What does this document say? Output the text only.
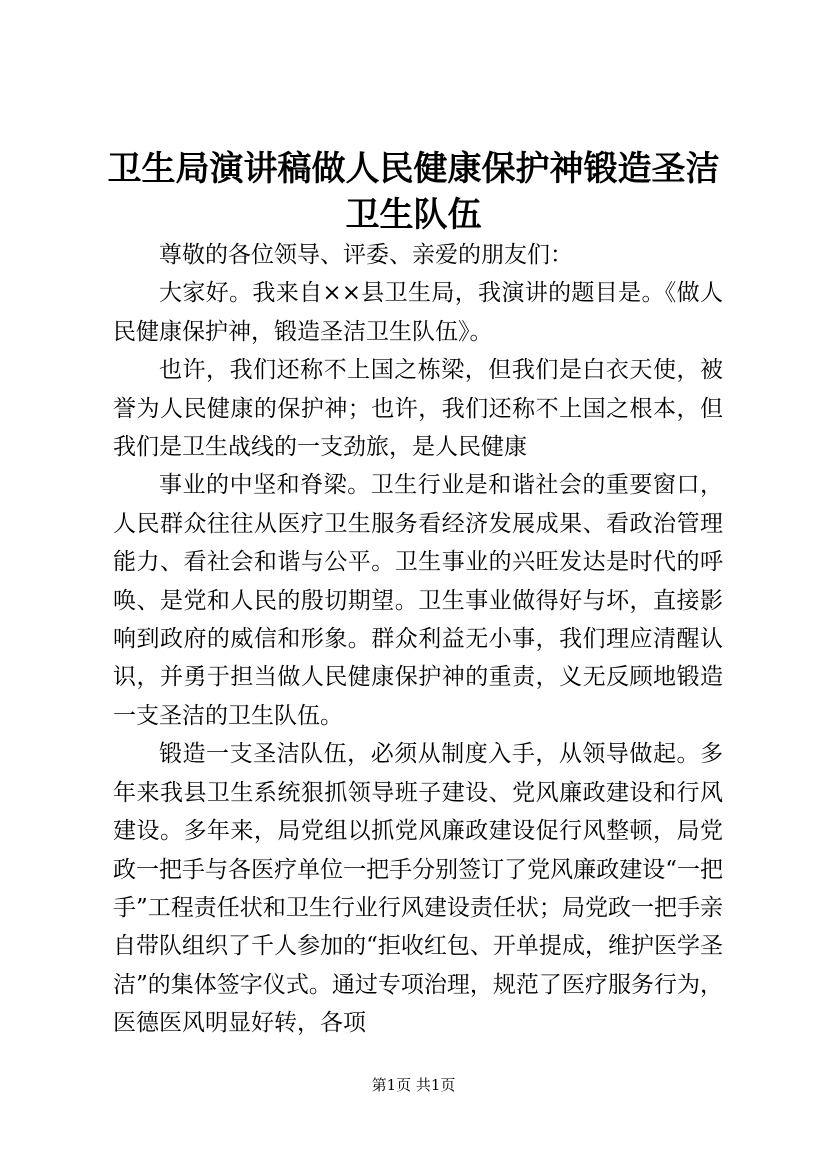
卫生局演讲稿做人民健康保护神锻造圣洁卫生队伍

尊敬的各位领导、评委、亲爱的朋友们：

大家好。我来自××县卫生局，我演讲的题目是。《做人民健康保护神，锻造圣洁卫生队伍》。

也许，我们还称不上国之栋梁，但我们是白衣天使，被誉为人民健康的保护神；也许，我们还称不上国之根本，但我们是卫生战线的一支劲旅，是人民健康

事业的中坚和脊梁。卫生行业是和谐社会的重要窗口，人民群众往往从医疗卫生服务看经济发展成果、看政治管理能力、看社会和谐与公平。卫生事业的兴旺发达是时代的呼唤、是党和人民的殷切期望。卫生事业做得好与坏，直接影响到政府的威信和形象。群众利益无小事，我们理应清醒认识，并勇于担当做人民健康保护神的重责，义无反顾地锻造一支圣洁的卫生队伍。

锻造一支圣洁队伍，必须从制度入手，从领导做起。多年来我县卫生系统狠抓领导班子建设、党风廉政建设和行风建设。多年来，局党组以抓党风廉政建设促行风整顿，局党政一把手与各医疗单位一把手分别签订了党风廉政建设“一把手”工程责任状和卫生行业行风建设责任状；局党政一把手亲自带队组织了千人参加的“拒收红包、开单提成，维护医学圣洁”的集体签字仪式。通过专项治理，规范了医疗服务行为，医德医风明显好转，各项

第1页 共1页
